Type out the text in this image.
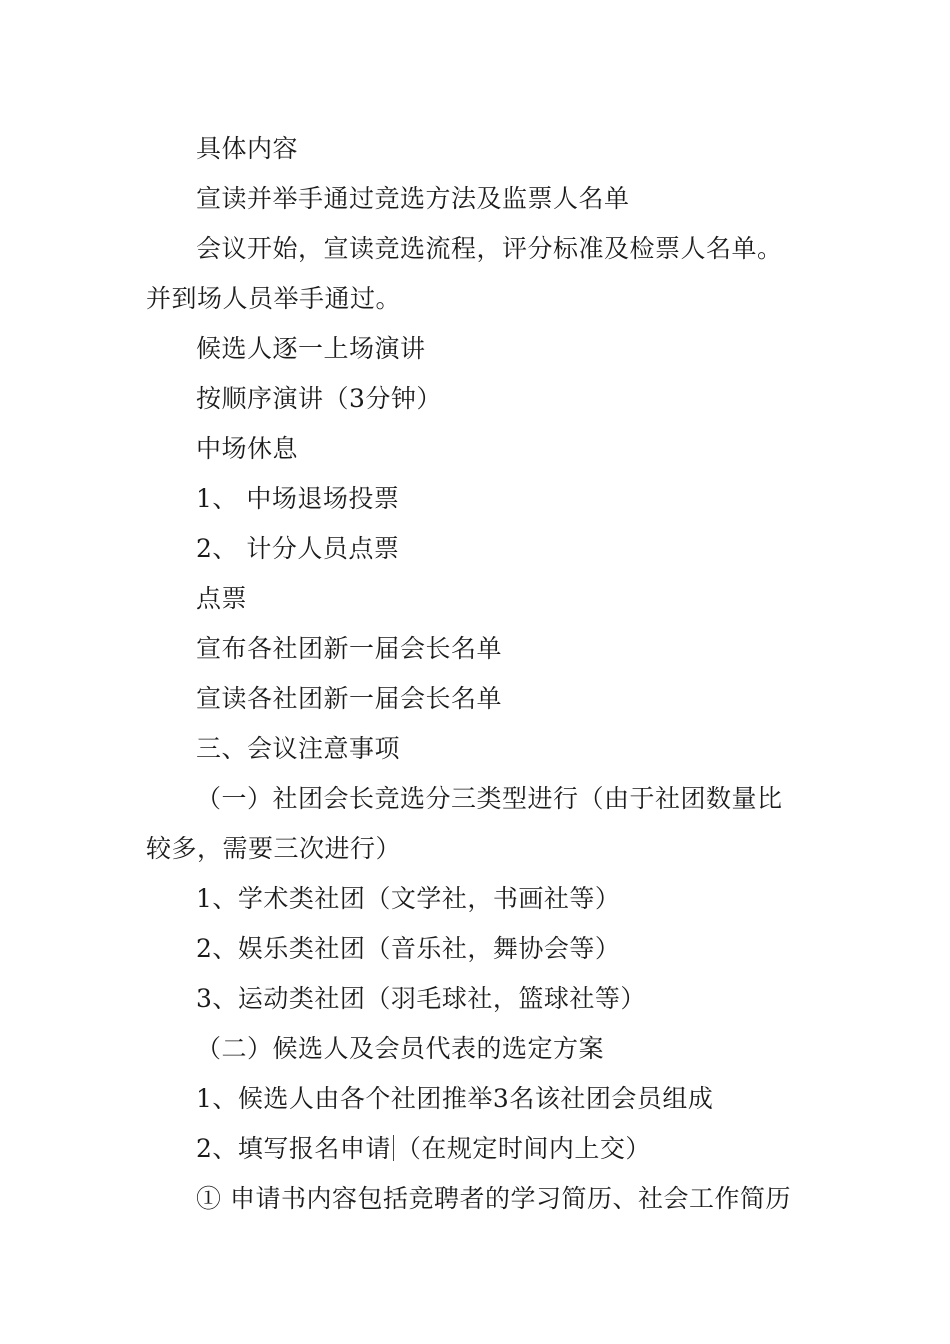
具体内容
宣读并举手通过竞选方法及监票人名单
会议开始，宣读竞选流程，评分标准及检票人名单。
并到场人员举手通过。
候选人逐一上场演讲
按顺序演讲（3分钟）
中场休息
1、 中场退场投票
2、 计分人员点票
点票
宣布各社团新一届会长名单
宣读各社团新一届会长名单
三、会议注意事项
（一）社团会长竞选分三类型进行（由于社团数量比
较多，需要三次进行）
1、学术类社团（文学社，书画社等）
2、娱乐类社团（音乐社，舞协会等）
3、运动类社团（羽毛球社，篮球社等）
（二）候选人及会员代表的选定方案
1、候选人由各个社团推举3名该社团会员组成
2、填写报名申请 （在规定时间内上交）
① 申请书内容包括竞聘者的学习简历、社会工作简历
